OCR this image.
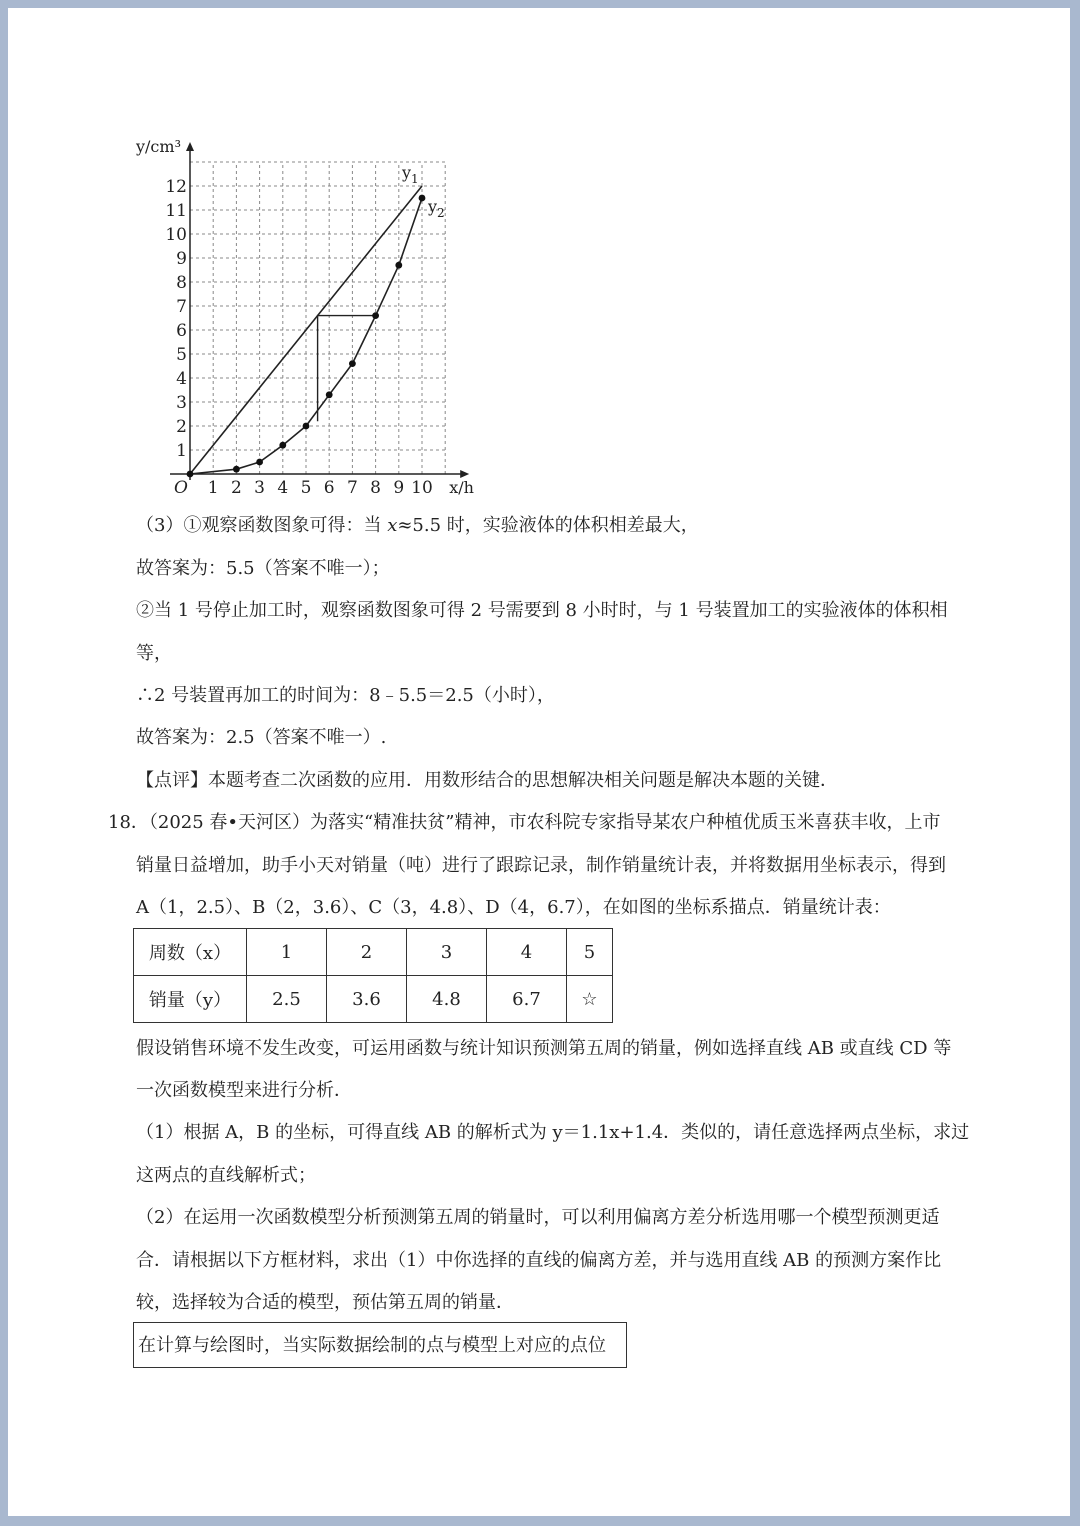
1 2 3 4 5 6 7 8 9 10
1
2
3
4
5
6
7
8
9
10
11
12
O	x/h
y/cm³
$y_1$
$y_2$
（3）①观察函数图象可得：当 x≈5.5 时，实验液体的体积相差最大，
故答案为：5.5（答案不唯一）；
②当 1 号停止加工时，观察函数图象可得 2 号需要到 8 小时时，与 1 号装置加工的实验液体的体积相
等，
∴2 号装置再加工的时间为：8﹣5.5＝2.5（小时），
故答案为：2.5（答案不唯一）.
【点评】本题考查二次函数的应用．用数形结合的思想解决相关问题是解决本题的关键．
18．（2025 春•天河区）为落实“精准扶贫”精神，市农科院专家指导某农户种植优质玉米喜获丰收，上市
销量日益增加，助手小天对销量（吨）进行了跟踪记录，制作销量统计表，并将数据用坐标表示，得到
A（1，2.5）、B（2，3.6）、C（3，4.8）、D（4，6.7），在如图的坐标系描点．销量统计表：
周数（x）	1	2	3	4	5
销量（y）	2.5	3.6	4.8	6.7	☆
假设销售环境不发生改变，可运用函数与统计知识预测第五周的销量，例如选择直线 AB 或直线 CD 等
一次函数模型来进行分析．
（1）根据 A，B 的坐标，可得直线 AB 的解析式为 y＝1.1x+1.4．类似的，请任意选择两点坐标，求过
这两点的直线解析式；
（2）在运用一次函数模型分析预测第五周的销量时，可以利用偏离方差分析选用哪一个模型预测更适
合．请根据以下方框材料，求出（1）中你选择的直线的偏离方差，并与选用直线 AB 的预测方案作比
较，选择较为合适的模型，预估第五周的销量．
在计算与绘图时，当实际数据绘制的点与模型上对应的点位
